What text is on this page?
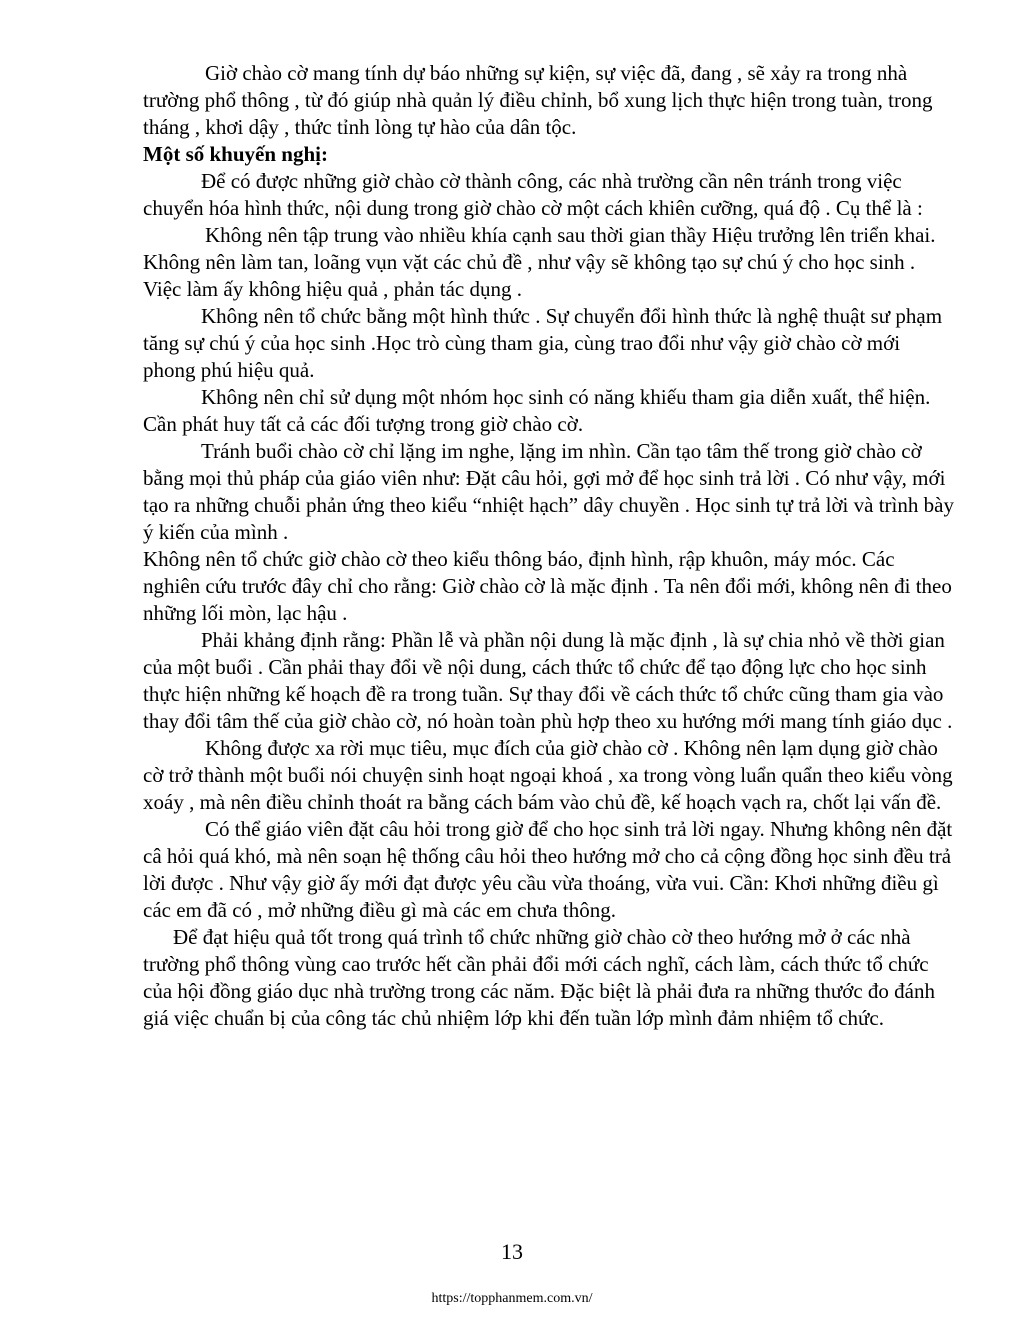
Giờ chào cờ mang tính dự báo những sự kiện, sự việc đã, đang , sẽ xảy ra trong nhà trường phổ thông , từ đó giúp nhà quản lý điều chỉnh, bổ xung lịch thực hiện trong tuàn, trong tháng , khơi dậy , thức tỉnh lòng tự hào của dân tộc.

Một số khuyến nghị:

Để có được những giờ chào cờ thành công, các nhà trường cần nên tránh trong việc chuyển hóa hình thức, nội dung trong giờ chào cờ một cách khiên cưỡng, quá độ . Cụ thể là :

Không nên tập trung vào nhiều khía cạnh sau thời gian thầy Hiệu trưởng lên triển khai. Không nên làm tan, loãng vụn vặt các chủ đề , như vậy sẽ không tạo sự chú ý cho học sinh . Việc làm ấy không hiệu quả , phản tác dụng .

Không nên tổ chức bằng một hình thức . Sự chuyển đổi hình thức là nghệ thuật sư phạm tăng sự chú ý của học sinh .Học trò cùng tham gia, cùng trao đổi như vậy giờ chào cờ mới phong phú hiệu quả.

Không nên chỉ sử dụng một nhóm học sinh có năng khiếu tham gia diễn xuất, thể hiện. Cần phát huy tất cả các đối tượng trong giờ chào cờ.

Tránh buổi chào cờ chỉ lặng im nghe, lặng im nhìn. Cần tạo tâm thế trong giờ chào cờ bằng mọi thủ pháp của giáo viên như: Đặt câu hỏi, gợi mở để học sinh trả lời . Có như vậy, mới tạo ra những chuỗi phản ứng theo kiểu “nhiệt hạch” dây chuyền . Học sinh tự trả lời và trình bày ý kiến của mình .

Không nên tổ chức giờ chào cờ theo kiểu thông báo, định hình, rập khuôn, máy móc. Các nghiên cứu trước đây chỉ cho rằng: Giờ chào cờ là mặc định . Ta nên đổi mới, không nên đi theo những lối mòn, lạc hậu .

Phải khảng định rằng: Phần lễ và phần nội dung là mặc định , là sự chia nhỏ về thời gian của một buổi . Cần phải thay đổi về nội dung, cách thức tổ chức để tạo động lực cho học sinh thực hiện những kế hoạch đề ra trong tuần. Sự thay đổi về cách thức tổ chức cũng tham gia vào thay đổi tâm thế của giờ chào cờ, nó hoàn toàn phù hợp theo xu hướng mới mang tính giáo dục .

Không được xa rời mục tiêu, mục đích của giờ chào cờ . Không nên lạm dụng giờ chào cờ trở thành một buổi nói chuyện sinh hoạt ngoại khoá , xa trong vòng luẩn quẩn theo kiểu vòng xoáy , mà nên điều chỉnh thoát ra bằng cách bám vào chủ đề, kế hoạch vạch ra, chốt lại vấn đề.

Có thể giáo viên đặt câu hỏi trong giờ để cho học sinh trả lời ngay. Nhưng không nên đặt câ hỏi quá khó, mà nên soạn hệ thống câu hỏi theo hướng mở cho cả cộng đồng học sinh đều trả lời được . Như vậy giờ ấy mới đạt được yêu cầu vừa thoáng, vừa vui. Cần: Khơi những điều gì các em đã có , mở những điều gì mà các em chưa thông.

Để đạt hiệu quả tốt trong quá trình tổ chức những giờ chào cờ theo hướng mở ở các nhà trường phổ thông vùng cao trước hết cần phải đổi mới cách nghĩ, cách làm, cách thức tổ chức của hội đồng giáo dục nhà trường trong các năm. Đặc biệt là phải đưa ra những thước đo đánh giá việc chuẩn bị của công tác chủ nhiệm lớp khi đến tuần lớp mình đảm nhiệm tổ chức.

13
https://topphanmem.com.vn/
